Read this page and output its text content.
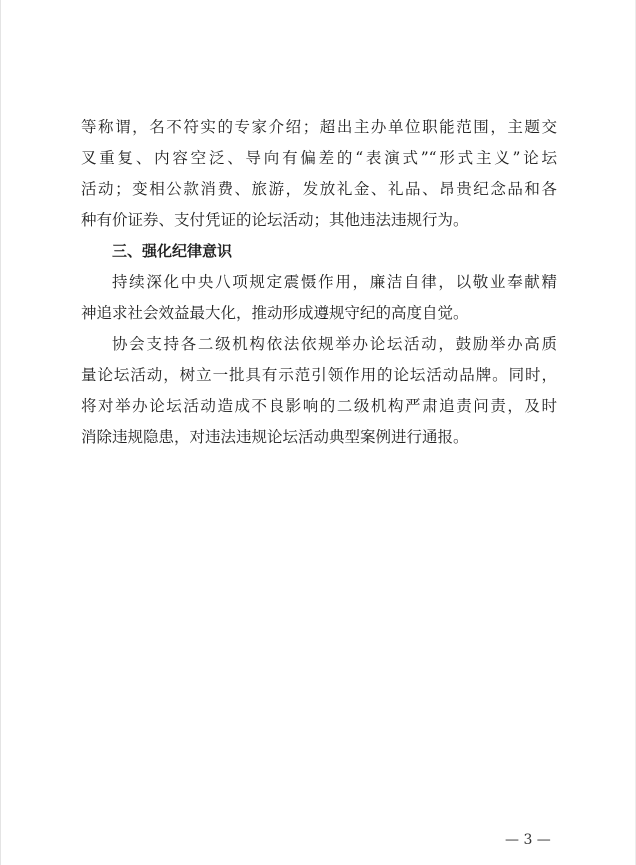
等称谓，名不符实的专家介绍；超出主办单位职能范围，主题交
叉重复、内容空泛、导向有偏差的“表演式”“形式主义”论坛
活动；变相公款消费、旅游，发放礼金、礼品、昂贵纪念品和各
种有价证券、支付凭证的论坛活动；其他违法违规行为。
三、强化纪律意识
持续深化中央八项规定震慑作用，廉洁自律，以敬业奉献精
神追求社会效益最大化，推动形成遵规守纪的高度自觉。
协会支持各二级机构依法依规举办论坛活动，鼓励举办高质
量论坛活动，树立一批具有示范引领作用的论坛活动品牌。同时，
将对举办论坛活动造成不良影响的二级机构严肃追责问责，及时
消除违规隐患，对违法违规论坛活动典型案例进行通报。
— 3 —
